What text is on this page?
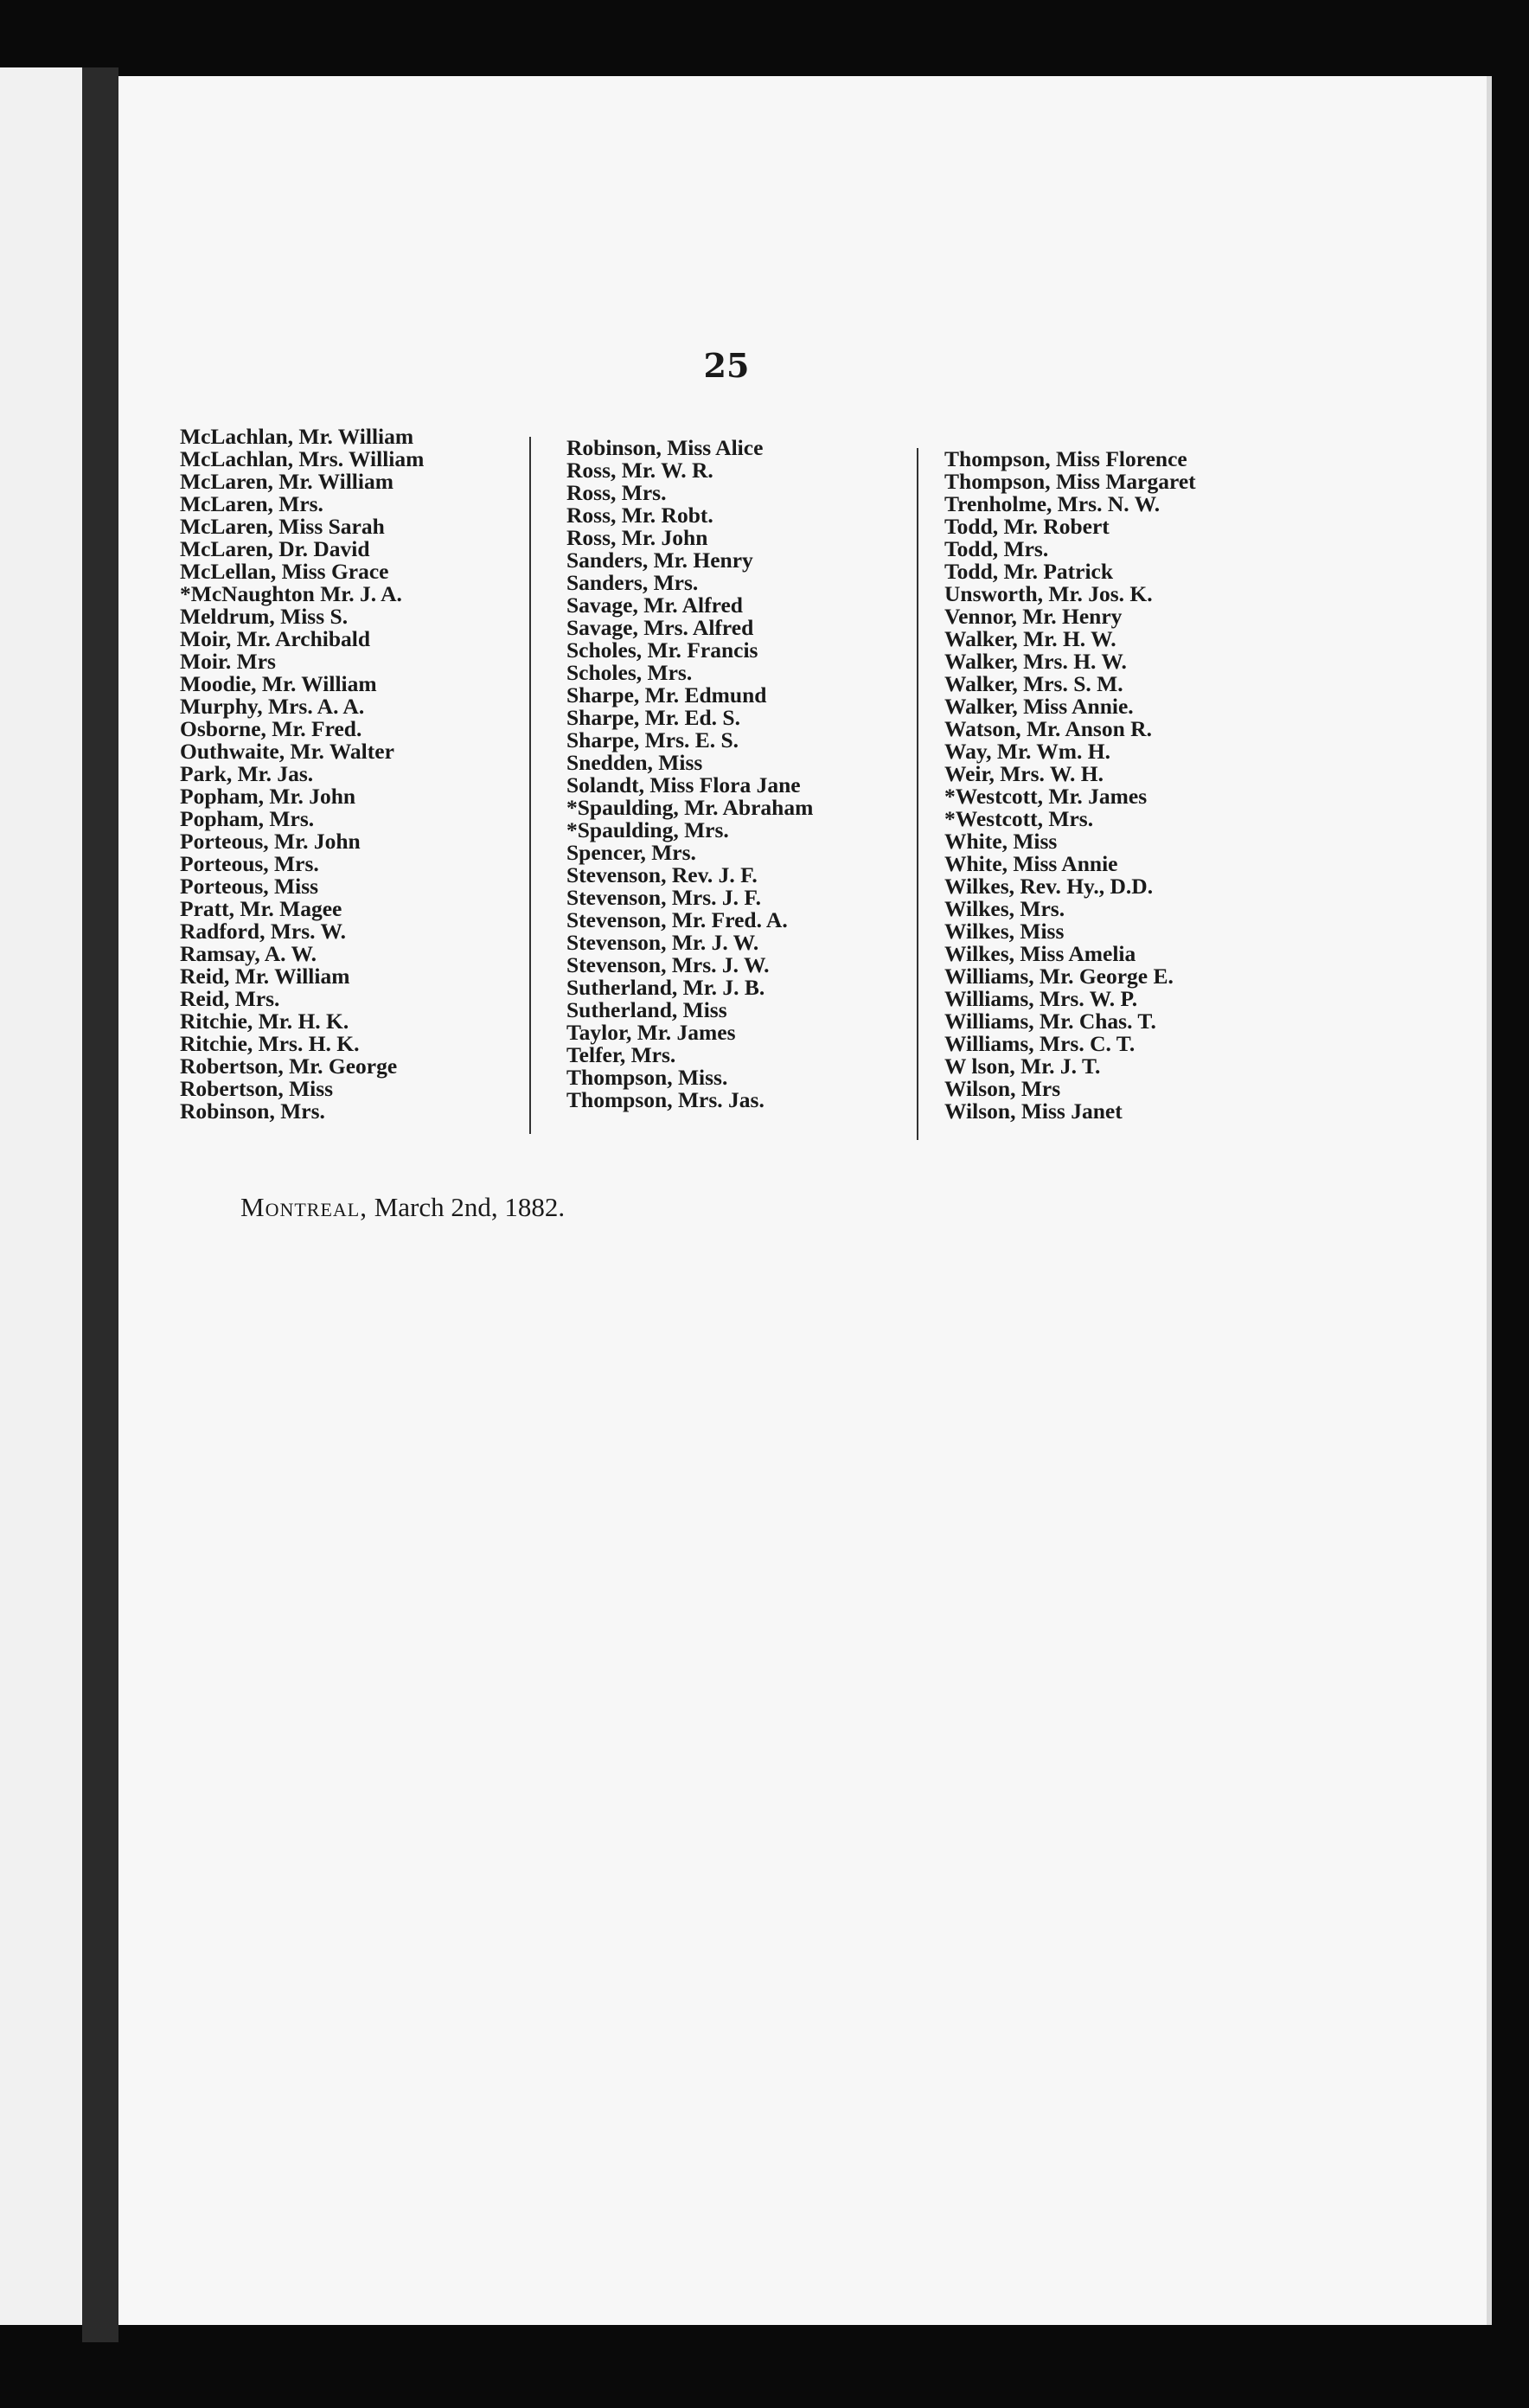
25

McLachlan, Mr. William
McLachlan, Mrs. William
McLaren, Mr. William
McLaren, Mrs.
McLaren, Miss Sarah
McLaren, Dr. David
McLellan, Miss Grace
*McNaughton Mr. J. A.
Meldrum, Miss S.
Moir, Mr. Archibald
Moir. Mrs
Moodie, Mr. William
Murphy, Mrs. A. A.
Osborne, Mr. Fred.
Outhwaite, Mr. Walter
Park, Mr. Jas.
Popham, Mr. John
Popham, Mrs.
Porteous, Mr. John
Porteous, Mrs.
Porteous, Miss
Pratt, Mr. Magee
Radford, Mrs. W.
Ramsay, A. W.
Reid, Mr. William
Reid, Mrs.
Ritchie, Mr. H. K.
Ritchie, Mrs. H. K.
Robertson, Mr. George
Robertson, Miss
Robinson, Mrs.
Robinson, Miss Alice
Ross, Mr. W. R.
Ross, Mrs.
Ross, Mr. Robt.
Ross, Mr. John
Sanders, Mr. Henry
Sanders, Mrs.
Savage, Mr. Alfred
Savage, Mrs. Alfred
Scholes, Mr. Francis
Scholes, Mrs.
Sharpe, Mr. Edmund
Sharpe, Mr. Ed. S.
Sharpe, Mrs. E. S.
Snedden, Miss
Solandt, Miss Flora Jane
*Spaulding, Mr. Abraham
*Spaulding, Mrs.
Spencer, Mrs.
Stevenson, Rev. J. F.
Stevenson, Mrs. J. F.
Stevenson, Mr. Fred. A.
Stevenson, Mr. J. W.
Stevenson, Mrs. J. W.
Sutherland, Mr. J. B.
Sutherland, Miss
Taylor, Mr. James
Telfer, Mrs.
Thompson, Miss.
Thompson, Mrs. Jas.
Thompson, Miss Florence
Thompson, Miss Margaret
Trenholme, Mrs. N. W.
Todd, Mr. Robert
Todd, Mrs.
Todd, Mr. Patrick
Unsworth, Mr. Jos. K.
Vennor, Mr. Henry
Walker, Mr. H. W.
Walker, Mrs. H. W.
Walker, Mrs. S. M.
Walker, Miss Annie.
Watson, Mr. Anson R.
Way, Mr. Wm. H.
Weir, Mrs. W. H.
*Westcott, Mr. James
*Westcott, Mrs.
White, Miss
White, Miss Annie
Wilkes, Rev. Hy., D.D.
Wilkes, Mrs.
Wilkes, Miss
Wilkes, Miss Amelia
Williams, Mr. George E.
Williams, Mrs. W. P.
Williams, Mr. Chas. T.
Williams, Mrs. C. T.
W lson, Mr. J. T.
Wilson, Mrs
Wilson, Miss Janet

Montreal, March 2nd, 1882.
